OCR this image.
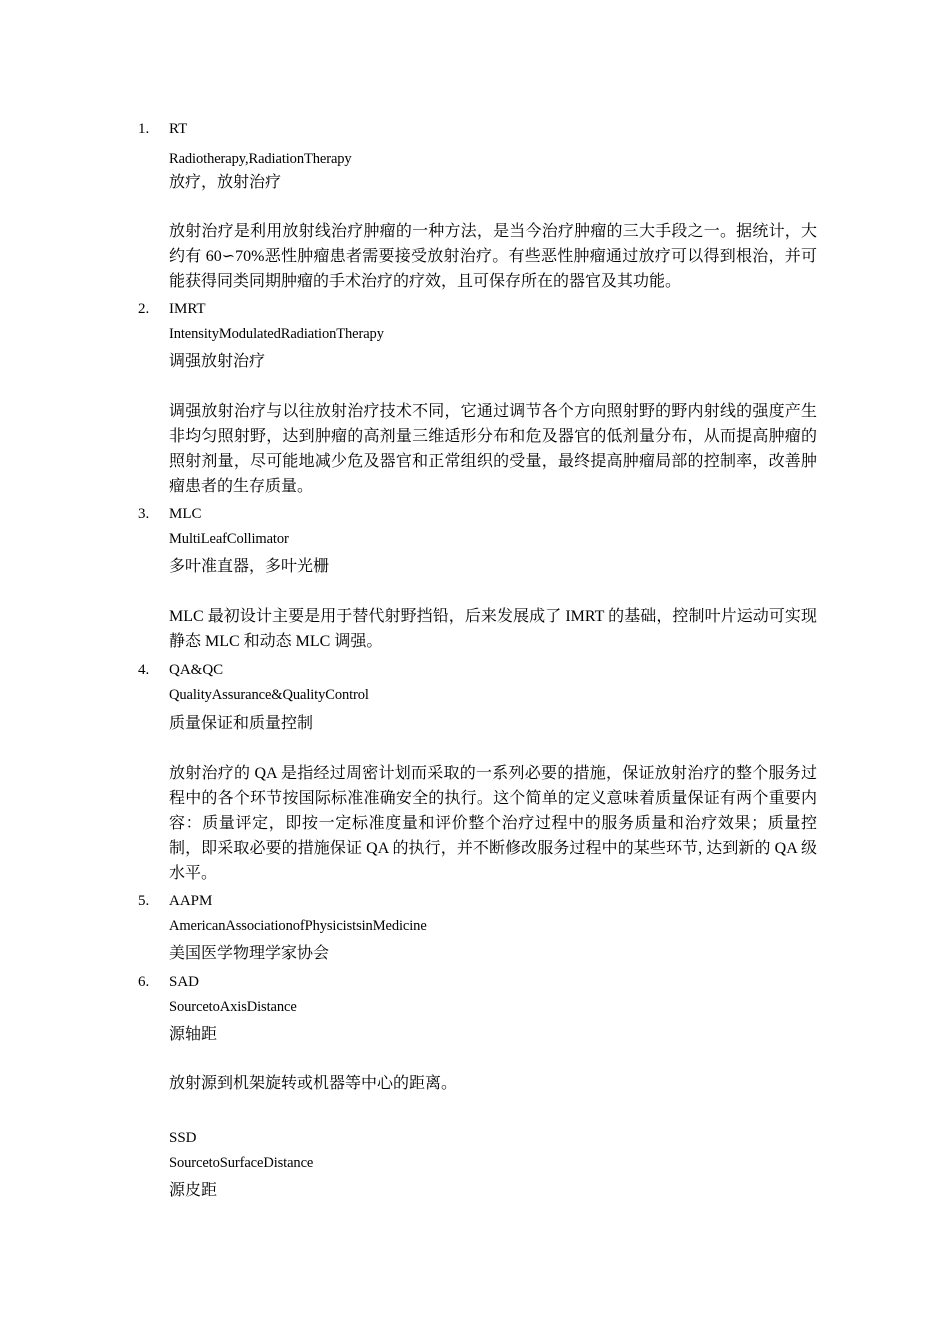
1. RT
Radiotherapy,RadiationTherapy
放疗，放射治疗
放射治疗是利用放射线治疗肿瘤的一种方法，是当今治疗肿瘤的三大手段之一。据统计，大约有 60∽70%恶性肿瘤患者需要接受放射治疗。有些恶性肿瘤通过放疗可以得到根治，并可能获得同类同期肿瘤的手术治疗的疗效，且可保存所在的器官及其功能。
2. IMRT
IntensityModulatedRadiationTherapy
调强放射治疗
调强放射治疗与以往放射治疗技术不同，它通过调节各个方向照射野的野内射线的强度产生非均匀照射野，达到肿瘤的高剂量三维适形分布和危及器官的低剂量分布，从而提高肿瘤的照射剂量，尽可能地减少危及器官和正常组织的受量，最终提高肿瘤局部的控制率，改善肿瘤患者的生存质量。
3. MLC
MultiLeafCollimator
多叶准直器，多叶光栅
MLC 最初设计主要是用于替代射野挡铅，后来发展成了 IMRT 的基础，控制叶片运动可实现静态 MLC 和动态 MLC 调强。
4. QA&QC
QualityAssurance&QualityControl
质量保证和质量控制
放射治疗的 QA 是指经过周密计划而采取的一系列必要的措施，保证放射治疗的整个服务过程中的各个环节按国际标准准确安全的执行。这个简单的定义意味着质量保证有两个重要内容：质量评定，即按一定标准度量和评价整个治疗过程中的服务质量和治疗效果；质量控制，即采取必要的措施保证 QA 的执行，并不断修改服务过程中的某些环节, 达到新的 QA 级水平。
5. AAPM
AmericanAssociationofPhysicistsinMedicine
美国医学物理学家协会
6. SAD
SourcetoAxisDistance
源轴距
放射源到机架旋转或机器等中心的距离。
SSD
SourcetoSurfaceDistance
源皮距
